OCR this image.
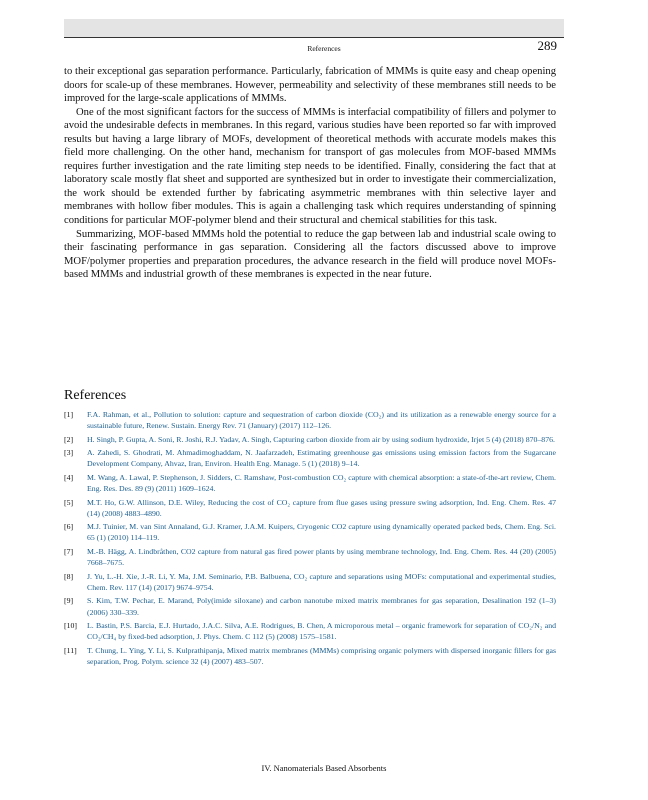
References	289

to their exceptional gas separation performance. Particularly, fabrication of MMMs is quite easy and cheap opening doors for scale-up of these membranes. However, permeability and selectivity of these membranes still needs to be improved for the large-scale applications of MMMs.

One of the most significant factors for the success of MMMs is interfacial compatibility of fillers and polymer to avoid the undesirable defects in membranes. In this regard, various studies have been reported so far with improved results but having a large library of MOFs, development of theoretical methods with accurate models makes this field more challenging. On the other hand, mechanism for transport of gas molecules from MOF-based MMMs requires further investigation and the rate limiting step needs to be identified. Finally, considering the fact that at laboratory scale mostly flat sheet and supported are synthesized but in order to investigate their commercialization, the work should be extended further by fabricating asymmetric membranes with thin selective layer and membranes with hollow fiber modules. This is again a challenging task which requires understanding of spinning conditions for particular MOF-polymer blend and their structural and chemical stabilities for this task.

Summarizing, MOF-based MMMs hold the potential to reduce the gap between lab and industrial scale owing to their fascinating performance in gas separation. Considering all the factors discussed above to improve MOF/polymer properties and preparation procedures, the advance research in the field will produce novel MOFs-based MMMs and industrial growth of these membranes is expected in the near future.

References
[1] F.A. Rahman, et al., Pollution to solution: capture and sequestration of carbon dioxide (CO₂) and its utilization as a renewable energy source for a sustainable future, Renew. Sustain. Energy Rev. 71 (January) (2017) 112–126.
[2] H. Singh, P. Gupta, A. Soni, R. Joshi, R.J. Yadav, A. Singh, Capturing carbon dioxide from air by using sodium hydroxide, Irjet 5 (4) (2018) 870–876.
[3] A. Zahedi, S. Ghodrati, M. Ahmadimoghaddam, N. Jaafarzadeh, Estimating greenhouse gas emissions using emission factors from the Sugarcane Development Company, Ahvaz, Iran, Environ. Health Eng. Manage. 5 (1) (2018) 9–14.
[4] M. Wang, A. Lawal, P. Stephenson, J. Sidders, C. Ramshaw, Post-combustion CO₂ capture with chemical absorption: a state-of-the-art review, Chem. Eng. Res. Des. 89 (9) (2011) 1609–1624.
[5] M.T. Ho, G.W. Allinson, D.E. Wiley, Reducing the cost of CO₂ capture from flue gases using pressure swing adsorption, Ind. Eng. Chem. Res. 47 (14) (2008) 4883–4890.
[6] M.J. Tuinier, M. van Sint Annaland, G.J. Kramer, J.A.M. Kuipers, Cryogenic CO2 capture using dynamically operated packed beds, Chem. Eng. Sci. 65 (1) (2010) 114–119.
[7] M.-B. Hägg, A. Lindbråthen, CO2 capture from natural gas fired power plants by using membrane technology, Ind. Eng. Chem. Res. 44 (20) (2005) 7668–7675.
[8] J. Yu, L.-H. Xie, J.-R. Li, Y. Ma, J.M. Seminario, P.B. Balbuena, CO₂ capture and separations using MOFs: computational and experimental studies, Chem. Rev. 117 (14) (2017) 9674–9754.
[9] S. Kim, T.W. Pechar, E. Marand, Poly(imide siloxane) and carbon nanotube mixed matrix membranes for gas separation, Desalination 192 (1–3) (2006) 330–339.
[10] L. Bastin, P.S. Barcia, E.J. Hurtado, J.A.C. Silva, A.E. Rodrigues, B. Chen, A microporous metal – organic framework for separation of CO₂/N₂ and CO₂/CH₄ by fixed-bed adsorption, J. Phys. Chem. C 112 (5) (2008) 1575–1581.
[11] T. Chung, L. Ying, Y. Li, S. Kulprathipanja, Mixed matrix membranes (MMMs) comprising organic polymers with dispersed inorganic fillers for gas separation, Prog. Polym. science 32 (4) (2007) 483–507.
IV. Nanomaterials Based Absorbents
